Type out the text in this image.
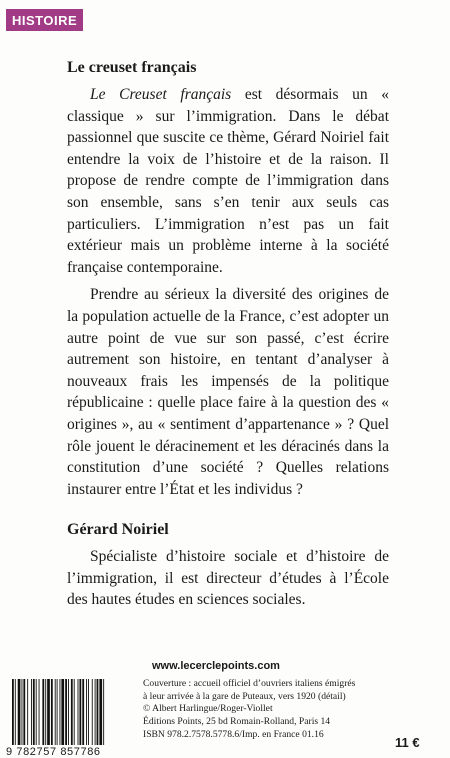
HISTOIRE
Le creuset français

Le Creuset français est désormais un « classique » sur l’immigration. Dans le débat passionnel que suscite ce thème, Gérard Noiriel fait entendre la voix de l’histoire et de la raison. Il propose de rendre compte de l’immigration dans son ensemble, sans s’en tenir aux seuls cas particuliers. L’immigration n’est pas un fait extérieur mais un problème interne à la société française contemporaine.

Prendre au sérieux la diversité des origines de la population actuelle de la France, c’est adopter un autre point de vue sur son passé, c’est écrire autrement son histoire, en tentant d’analyser à nouveaux frais les impensés de la politique républicaine : quelle place faire à la question des « origines », au « sentiment d’appartenance » ? Quel rôle jouent le déracinement et les déracinés dans la constitution d’une société ? Quelles relations instaurer entre l’État et les individus ?

Gérard Noiriel

Spécialiste d’histoire sociale et d’histoire de l’immigration, il est directeur d’études à l’École des hautes études en sciences sociales.

www.lecerclepoints.com
9 782757 857786
Couverture : accueil officiel d’ouvriers italiens émigrés
à leur arrivée à la gare de Puteaux, vers 1920 (détail)
© Albert Harlingue/Roger-Viollet
Éditions Points, 25 bd Romain-Rolland, Paris 14
ISBN 978.2.7578.5778.6/Imp. en France 01.16
11 €
